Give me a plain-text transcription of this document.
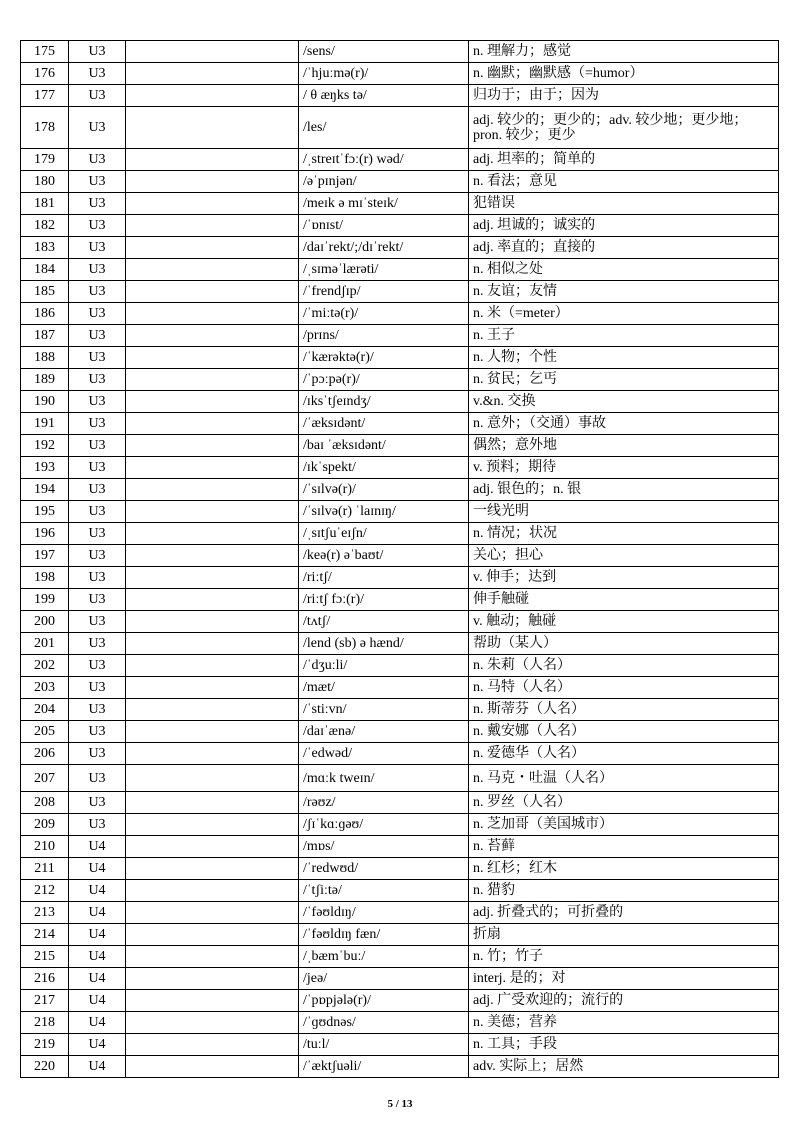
175	U3		/sens/	n. 理解力；感觉
176	U3		/ˈhjuːmə(r)/	n. 幽默；幽默感（=humor）
177	U3		/ θ æŋks tə/	归功于；由于；因为
178	U3		/les/	adj. 较少的；更少的；adv. 较少地；更少地；pron. 较少；更少
179	U3		/ˌstreɪtˈfɔː(r) wəd/	adj. 坦率的；简单的
180	U3		/əˈpɪnjən/	n. 看法；意见
181	U3		/meɪk ə mɪˈsteɪk/	犯错误
182	U3		/ˈɒnɪst/	adj. 坦诚的；诚实的
183	U3		/daɪˈrekt/;/dɪˈrekt/	adj. 率直的；直接的
184	U3		/ˌsɪməˈlærəti/	n. 相似之处
185	U3		/ˈfrendʃɪp/	n. 友谊；友情
186	U3		/ˈmiːtə(r)/	n. 米（=meter）
187	U3		/prɪns/	n. 王子
188	U3		/ˈkærəktə(r)/	n. 人物；个性
189	U3		/ˈpɔːpə(r)/	n. 贫民；乞丐
190	U3		/ɪksˈtʃeɪndʒ/	v.&n. 交换
191	U3		/ˈæksɪdənt/	n. 意外；（交通）事故
192	U3		/baɪ ˈæksɪdənt/	偶然；意外地
193	U3		/ɪkˈspekt/	v. 预料；期待
194	U3		/ˈsɪlvə(r)/	adj. 银色的；n. 银
195	U3		/ˈsɪlvə(r) ˈlaɪnɪŋ/	一线光明
196	U3		/ˌsɪtʃuˈeɪʃn/	n. 情况；状况
197	U3		/keə(r) əˈbaʊt/	关心；担心
198	U3		/riːtʃ/	v. 伸手；达到
199	U3		/riːtʃ fɔː(r)/	伸手触碰
200	U3		/tʌtʃ/	v. 触动；触碰
201	U3		/lend (sb) ə hænd/	帮助（某人）
202	U3		/ˈdʒuːli/	n. 朱莉（人名）
203	U3		/mæt/	n. 马特（人名）
204	U3		/ˈstiːvn/	n. 斯蒂芬（人名）
205	U3		/daɪˈænə/	n. 戴安娜（人名）
206	U3		/ˈedwəd/	n. 爱德华（人名）
207	U3		/mɑːk tweɪn/	n. 马克・吐温（人名）
208	U3		/rəʊz/	n. 罗丝（人名）
209	U3		/ʃɪˈkɑːɡəʊ/	n. 芝加哥（美国城市）
210	U4		/mɒs/	n. 苔藓
211	U4		/ˈredwʊd/	n. 红杉；红木
212	U4		/ˈtʃiːtə/	n. 猎豹
213	U4		/ˈfəʊldɪŋ/	adj. 折叠式的；可折叠的
214	U4		/ˈfəʊldɪŋ fæn/	折扇
215	U4		/ˌbæmˈbuː/	n. 竹；竹子
216	U4		/jeə/	interj. 是的；对
217	U4		/ˈpɒpjələ(r)/	adj. 广受欢迎的；流行的
218	U4		/ˈɡʊdnəs/	n. 美德；营养
219	U4		/tuːl/	n. 工具；手段
220	U4		/ˈæktʃuəli/	adv. 实际上；居然
5 / 13
